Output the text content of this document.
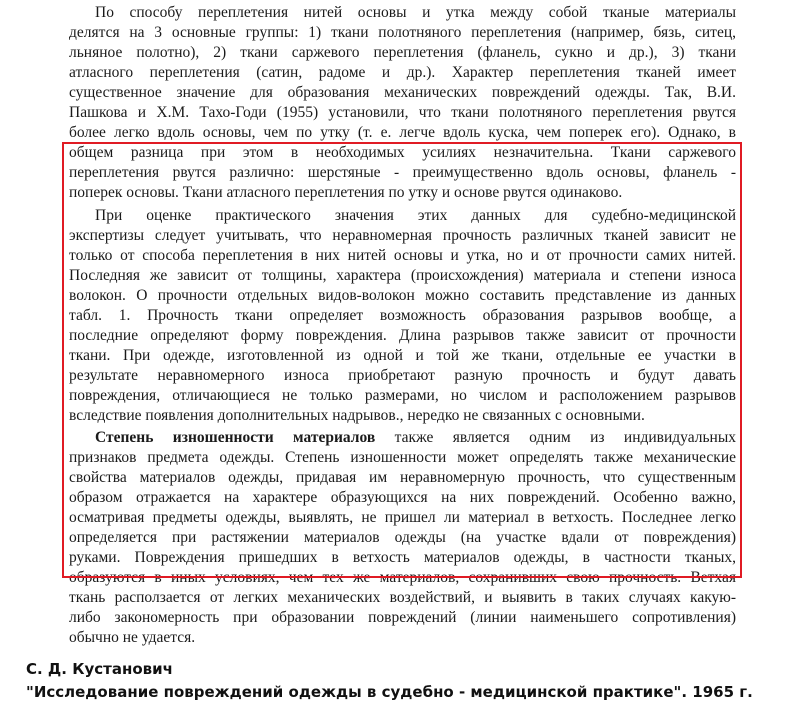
По способу переплетения нитей основы и утка между собой тканые материалы
делятся на 3 основные группы: 1) ткани полотняного переплетения (например, бязь, ситец,
льняное полотно), 2) ткани саржевого переплетения (фланель, сукно и др.), 3) ткани
атласного переплетения (сатин, радоме и др.). Характер переплетения тканей имеет
существенное значение для образования механических повреждений одежды. Так, В.И.
Пашкова и Х.М. Тахо-Годи (1955) установили, что ткани полотняного переплетения рвутся
более легко вдоль основы, чем по утку (т. е. легче вдоль куска, чем поперек его). Однако, в
общем разница при этом в необходимых усилиях незначительна. Ткани саржевого
переплетения рвутся различно: шерстяные - преимущественно вдоль основы, фланель -
поперек основы. Ткани атласного переплетения по утку и основе рвутся одинаково.
При оценке практического значения этих данных для судебно-медицинской
экспертизы следует учитывать, что неравномерная прочность различных тканей зависит не
только от способа переплетения в них нитей основы и утка, но и от прочности самих нитей.
Последняя же зависит от толщины, характера (происхождения) материала и степени износа
волокон. О прочности отдельных видов-волокон можно составить представление из данных
табл. 1. Прочность ткани определяет возможность образования разрывов вообще, а
последние определяют форму повреждения. Длина разрывов также зависит от прочности
ткани. При одежде, изготовленной из одной и той же ткани, отдельные ее участки в
результате неравномерного износа приобретают разную прочность и будут давать
повреждения, отличающиеся не только размерами, но числом и расположением разрывов
вследствие появления дополнительных надрывов., нередко не связанных с основными.
Степень изношенности материалов также является одним из индивидуальных
признаков предмета одежды. Степень изношенности может определять также механические
свойства материалов одежды, придавая им неравномерную прочность, что существенным
образом отражается на характере образующихся на них повреждений. Особенно важно,
осматривая предметы одежды, выявлять, не пришел ли материал в ветхость. Последнее легко
определяется при растяжении материалов одежды (на участке вдали от повреждения)
руками. Повреждения пришедших в ветхость материалов одежды, в частности тканых,
образуются в иных условиях, чем тех же материалов, сохранивших свою прочность. Ветхая
ткань расползается от легких механических воздействий, и выявить в таких случаях какую-
либо закономерность при образовании повреждений (линии наименьшего сопротивления)
обычно не удается.
С. Д. Кустанович
"Исследование повреждений одежды в судебно - медицинской практике". 1965 г.
